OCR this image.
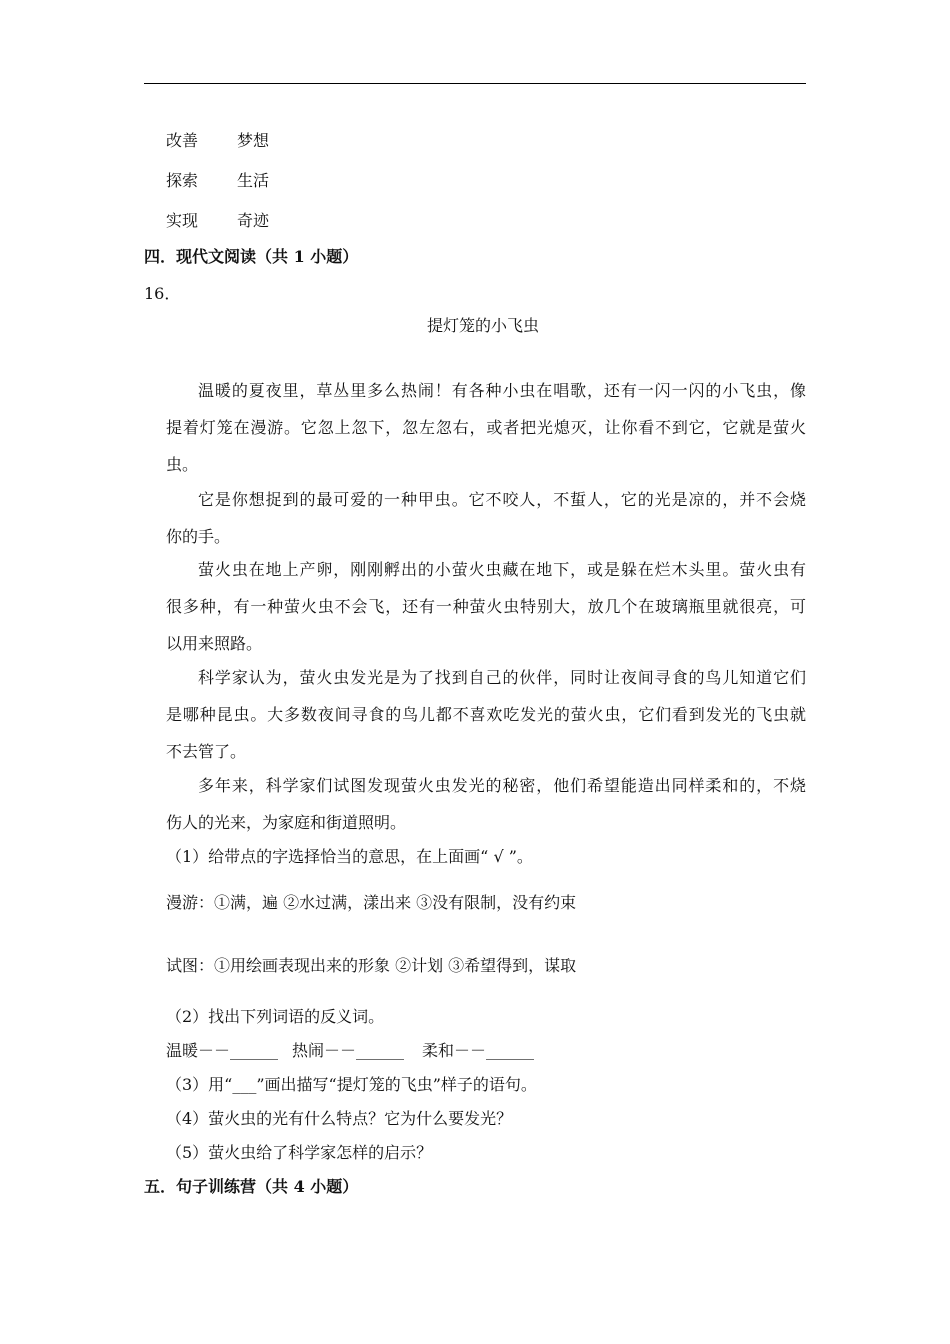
改善 梦想
探索 生活
实现 奇迹
四．现代文阅读（共 1 小题）
16．
提灯笼的小飞虫
温暖的夏夜里，草丛里多么热闹！有各种小虫在唱歌，还有一闪一闪的小飞虫，像
提着灯笼在漫游。它忽上忽下，忽左忽右，或者把光熄灭，让你看不到它，它就是萤火
虫。
它是你想捉到的最可爱的一种甲虫。它不咬人，不蜇人，它的光是凉的，并不会烧
你的手。
萤火虫在地上产卵，刚刚孵出的小萤火虫藏在地下，或是躲在烂木头里。萤火虫有
很多种，有一种萤火虫不会飞，还有一种萤火虫特别大，放几个在玻璃瓶里就很亮，可
以用来照路。
科学家认为，萤火虫发光是为了找到自己的伙伴，同时让夜间寻食的鸟儿知道它们
是哪种昆虫。大多数夜间寻食的鸟儿都不喜欢吃发光的萤火虫，它们看到发光的飞虫就
不去管了。
多年来，科学家们试图发现萤火虫发光的秘密，他们希望能造出同样柔和的，不烧
伤人的光来，为家庭和街道照明。
（1）给带点的字选择恰当的意思，在上面画“ √ ”。
漫游：①满，遍 ②水过满，漾出来 ③没有限制，没有约束
试图：①用绘画表现出来的形象 ②计划 ③希望得到，谋取
（2）找出下列词语的反义词。
温暖－－______ 热闹－－______ 柔和－－______
（3）用“___”画出描写“提灯笼的飞虫”样子的语句。
（4）萤火虫的光有什么特点？它为什么要发光？
（5）萤火虫给了科学家怎样的启示？
五．句子训练营（共 4 小题）
